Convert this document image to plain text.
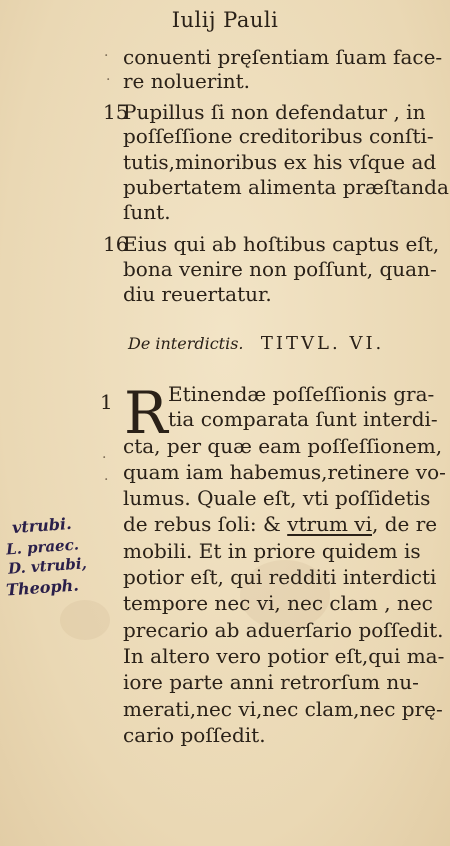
Iulij Pauli
·
·
conuenti pręſentiam ſuam face-
re noluerint.
15
Pupillus ſi non defendatur , in
poſſeſſione creditoribus conſti-
tutis,minoribus ex his vſque ad
pubertatem alimenta præſtanda
ſunt.
16
Eius qui ab hoſtibus captus eſt,
bona venire non poſſunt, quan-
diu reuertatur.
De interdictis. TITVL. VI.
1 R Etinendæ poſſeſſionis gra-
tia comparata ſunt interdi-
cta, per quæ eam poſſeſſionem,
quam iam habemus,retinere vo-
lumus. Quale eſt, vti poſſidetis
de rebus ſoli: & vtrum vi, de re
mobili. Et in priore quidem is
potior eſt, qui redditi interdicti
tempore nec vi, nec clam , nec
precario ab aduerſario poſſedit.
In altero vero potior eſt,qui ma-
iore parte anni retrorſum nu-
merati,nec vi,nec clam,nec prę-
cario poſſedit.
·
·
vtrubi.
L. praec.
D. vtrubi,
Theoph.
